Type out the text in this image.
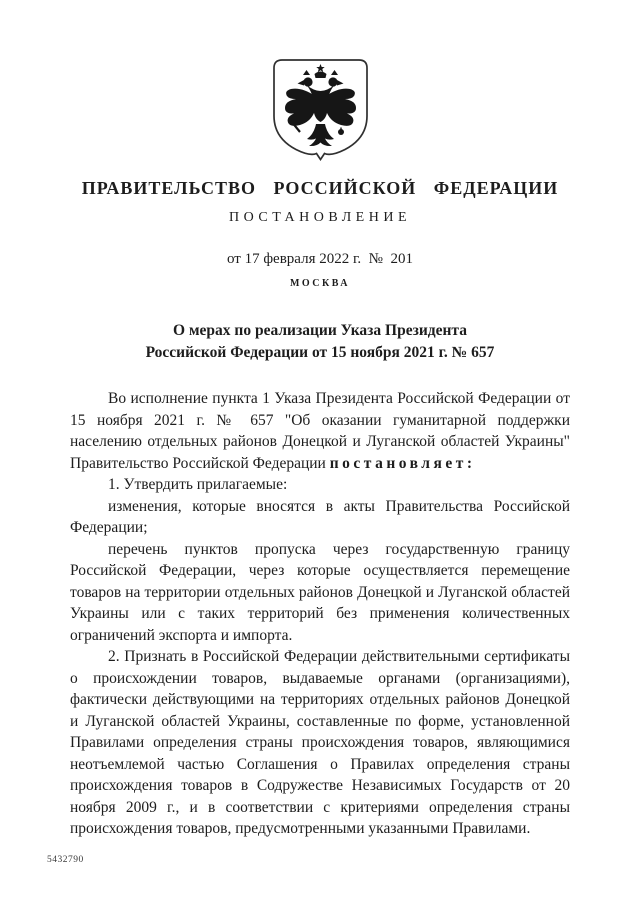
ПРАВИТЕЛЬСТВО РОССИЙСКОЙ ФЕДЕРАЦИИ
ПОСТАНОВЛЕНИЕ
от 17 февраля 2022 г.  №  201
МОСКВА
О мерах по реализации Указа Президента
Российской Федерации от 15 ноября 2021 г. № 657

Во исполнение пункта 1 Указа Президента Российской Федерации от 15 ноября 2021 г. № 657 "Об оказании гуманитарной поддержки населению отдельных районов Донецкой и Луганской областей Украины" Правительство Российской Федерации постановляет:

1. Утвердить прилагаемые:

изменения, которые вносятся в акты Правительства Российской Федерации;

перечень пунктов пропуска через государственную границу Российской Федерации, через которые осуществляется перемещение товаров на территории отдельных районов Донецкой и Луганской областей Украины или с таких территорий без применения количественных ограничений экспорта и импорта.

2. Признать в Российской Федерации действительными сертификаты о происхождении товаров, выдаваемые органами (организациями), фактически действующими на территориях отдельных районов Донецкой и Луганской областей Украины, составленные по форме, установленной Правилами определения страны происхождения товаров, являющимися неотъемлемой частью Соглашения о Правилах определения страны происхождения товаров в Содружестве Независимых Государств от 20 ноября 2009 г., и в соответствии с критериями определения страны происхождения товаров, предусмотренными указанными Правилами.

5432790
